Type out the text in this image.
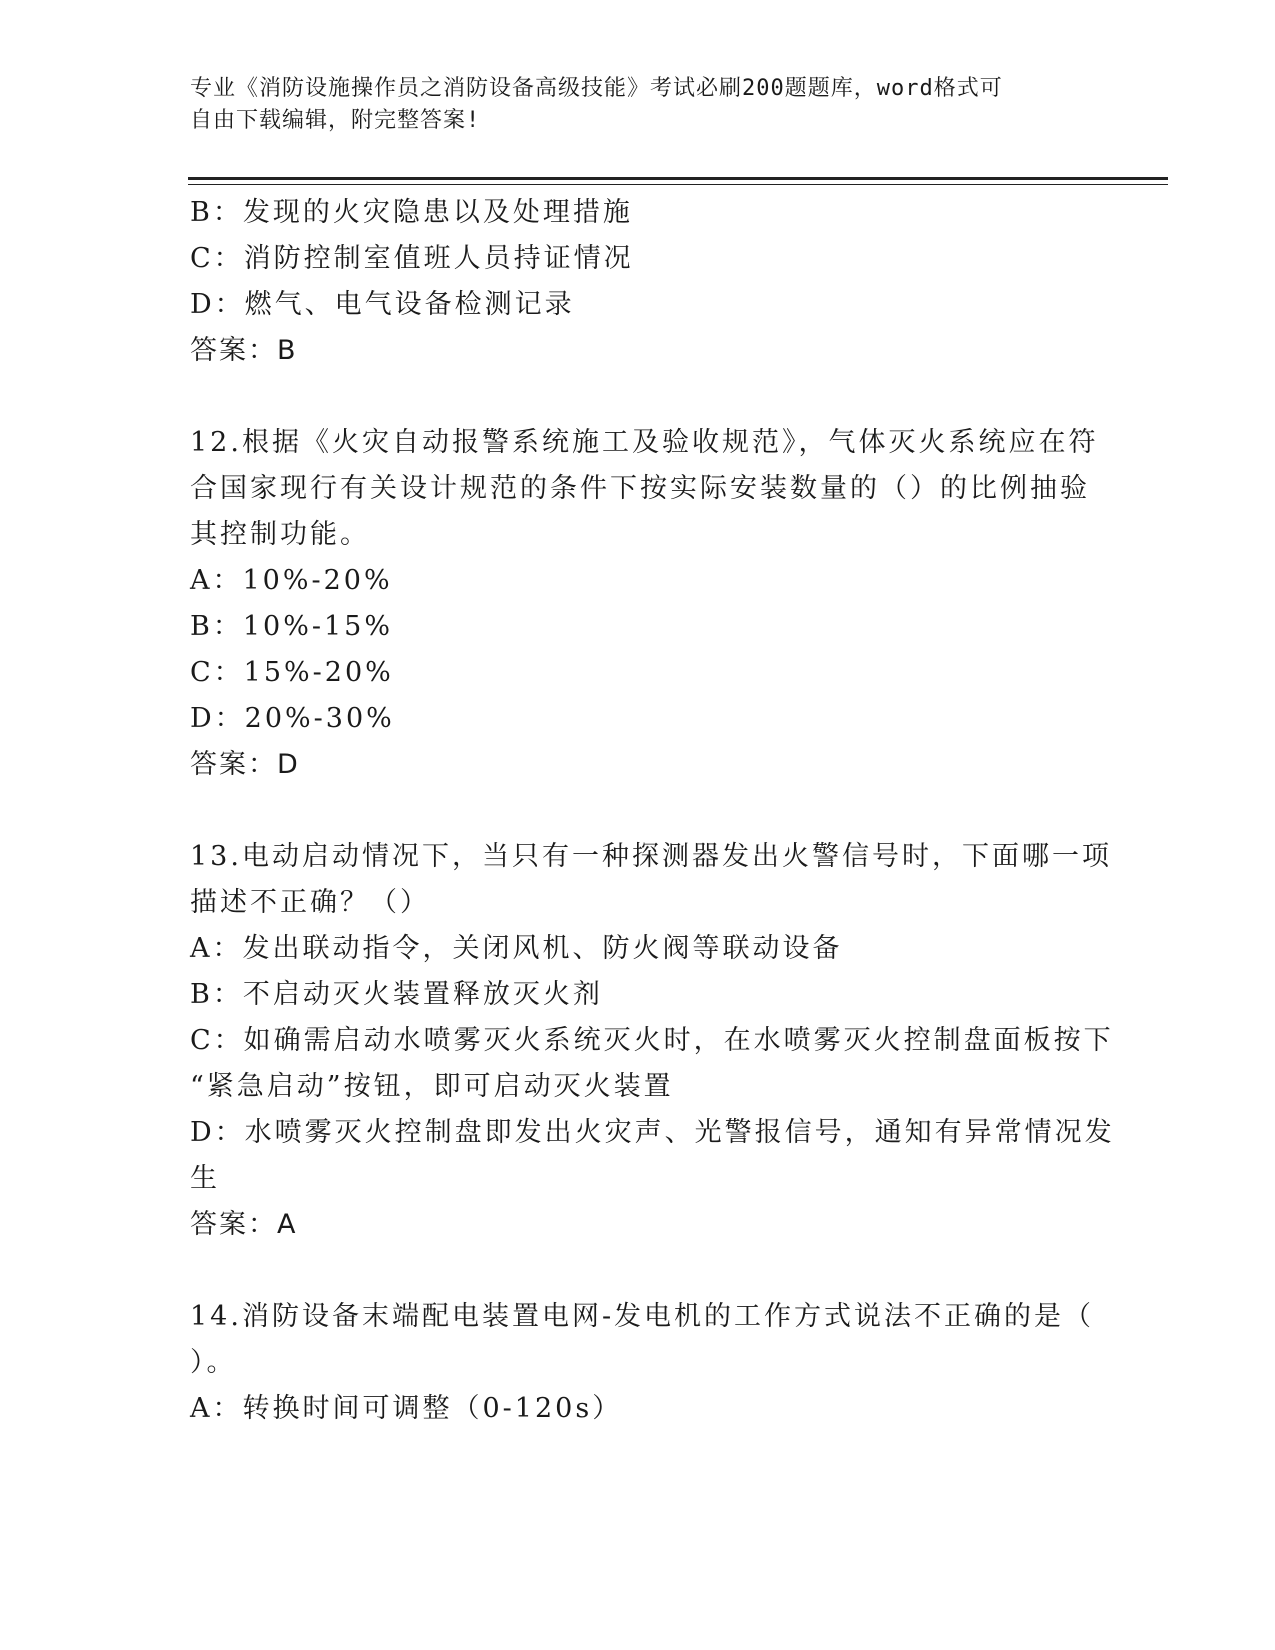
专业《消防设施操作员之消防设备高级技能》考试必刷200题题库，word格式可
自由下载编辑，附完整答案!
B：发现的火灾隐患以及处理措施
C：消防控制室值班人员持证情况
D：燃气、电气设备检测记录
答案：B
12.根据《火灾自动报警系统施工及验收规范》，气体灭火系统应在符
合国家现行有关设计规范的条件下按实际安装数量的（）的比例抽验
其控制功能。
A：10%-20%
B：10%-15%
C：15%-20%
D：20%-30%
答案：D
13.电动启动情况下，当只有一种探测器发出火警信号时，下面哪一项
描述不正确？（）
A：发出联动指令，关闭风机、防火阀等联动设备
B：不启动灭火装置释放灭火剂
C：如确需启动水喷雾灭火系统灭火时，在水喷雾灭火控制盘面板按下
“紧急启动”按钮，即可启动灭火装置
D：水喷雾灭火控制盘即发出火灾声、光警报信号，通知有异常情况发
生
答案：A
14.消防设备末端配电装置电网-发电机的工作方式说法不正确的是（
）。
A：转换时间可调整（0-120s）
